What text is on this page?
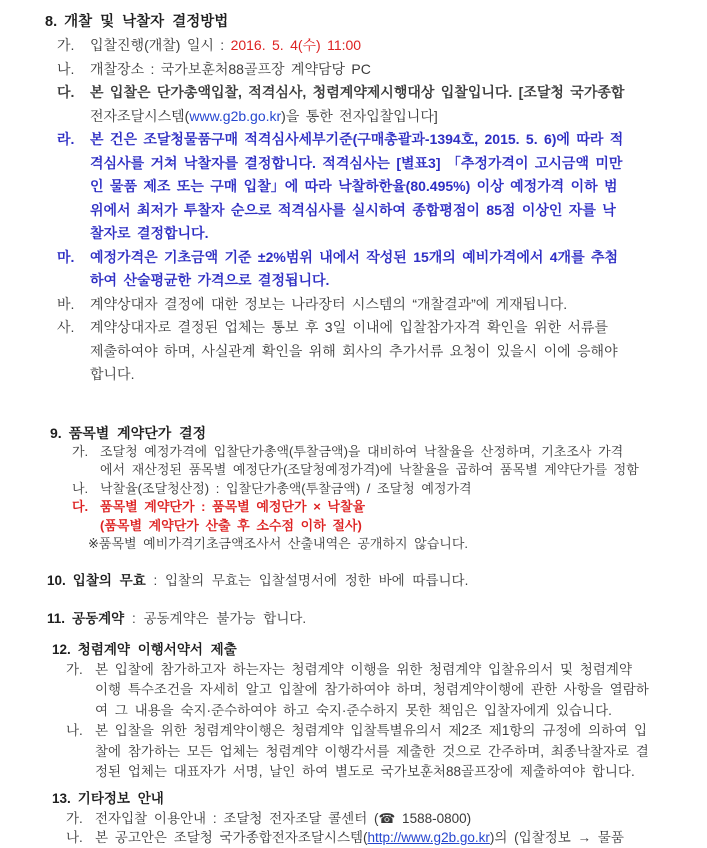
8. 개찰 및 낙찰자 결정방법
가.	입찰진행(개찰) 일시 : 2016. 5. 4(수) 11:00
나.	개찰장소 : 국가보훈처88골프장 계약담당 PC
다.	본 입찰은 단가총액입찰, 적격심사, 청렴계약제시행대상 입찰입니다. [조달청 국가종합
전자조달시스템(www.g2b.go.kr)을 통한 전자입찰입니다]
라.	본 건은 조달청물품구매 적격심사세부기준(구매총괄과-1394호, 2015. 5. 6)에 따라 적
격심사를 거쳐 낙찰자를 결정합니다. 적격심사는 [별표3] 「추정가격이 고시금액 미만
인 물품 제조 또는 구매 입찰」에 따라 낙찰하한율(80.495%) 이상 예정가격 이하 범
위에서 최저가 투찰자 순으로 적격심사를 실시하여 종합평점이 85점 이상인 자를 낙
찰자로 결정합니다.
마.	예정가격은 기초금액 기준 ±2%범위 내에서 작성된 15개의 예비가격에서 4개를 추첨
하여 산술평균한 가격으로 결정됩니다.
바.	계약상대자 결정에 대한 정보는 나라장터 시스템의 “개찰결과”에 게재됩니다.
사.	계약상대자로 결정된 업체는 통보 후 3일 이내에 입찰참가자격 확인을 위한 서류를
제출하여야 하며, 사실관계 확인을 위해 회사의 추가서류 요청이 있을시 이에 응해야
합니다.
9. 품목별 계약단가 결정
가. 조달청 예정가격에 입찰단가총액(투찰금액)을 대비하여 낙찰율을 산정하며, 기초조사 가격
에서 재산정된 품목별 예정단가(조달청예정가격)에 낙찰율을 곱하여 품목별 계약단가를 정함
나. 낙찰율(조달청산정) : 입찰단가총액(투찰금액) / 조달청 예정가격
다. 품목별 계약단가 : 품목별 예정단가 × 낙찰율
(품목별 계약단가 산출 후 소수점 이하 절사)
※품목별 예비가격기초금액조사서 산출내역은 공개하지 않습니다.
10. 입찰의 무효 : 입찰의 무효는 입찰설명서에 정한 바에 따릅니다.
11. 공동계약 : 공동계약은 불가능 합니다.
12. 청렴계약 이행서약서 제출
가. 본 입찰에 참가하고자 하는자는 청렴계약 이행을 위한 청렴계약 입찰유의서 및 청렴계약
이행 특수조건을 자세히 알고 입찰에 참가하여야 하며, 청렴계약이행에 관한 사항을 열람하
여 그 내용을 숙지·준수하여야 하고 숙지·준수하지 못한 책임은 입찰자에게 있습니다.
나. 본 입찰을 위한 청렴계약이행은 청렴계약 입찰특별유의서 제2조 제1항의 규정에 의하여 입
찰에 참가하는 모든 업체는 청렴계약 이행각서를 제출한 것으로 간주하며, 최종낙찰자로 결
정된 업체는 대표자가 서명, 날인 하여 별도로 국가보훈처88골프장에 제출하여야 합니다.
13. 기타정보 안내
가. 전자입찰 이용안내 : 조달청 전자조달 콜센터 (☎ 1588-0800)
나. 본 공고안은 조달청 국가종합전자조달시스템(http://www.g2b.go.kr)의 (입찰정보 → 물품
